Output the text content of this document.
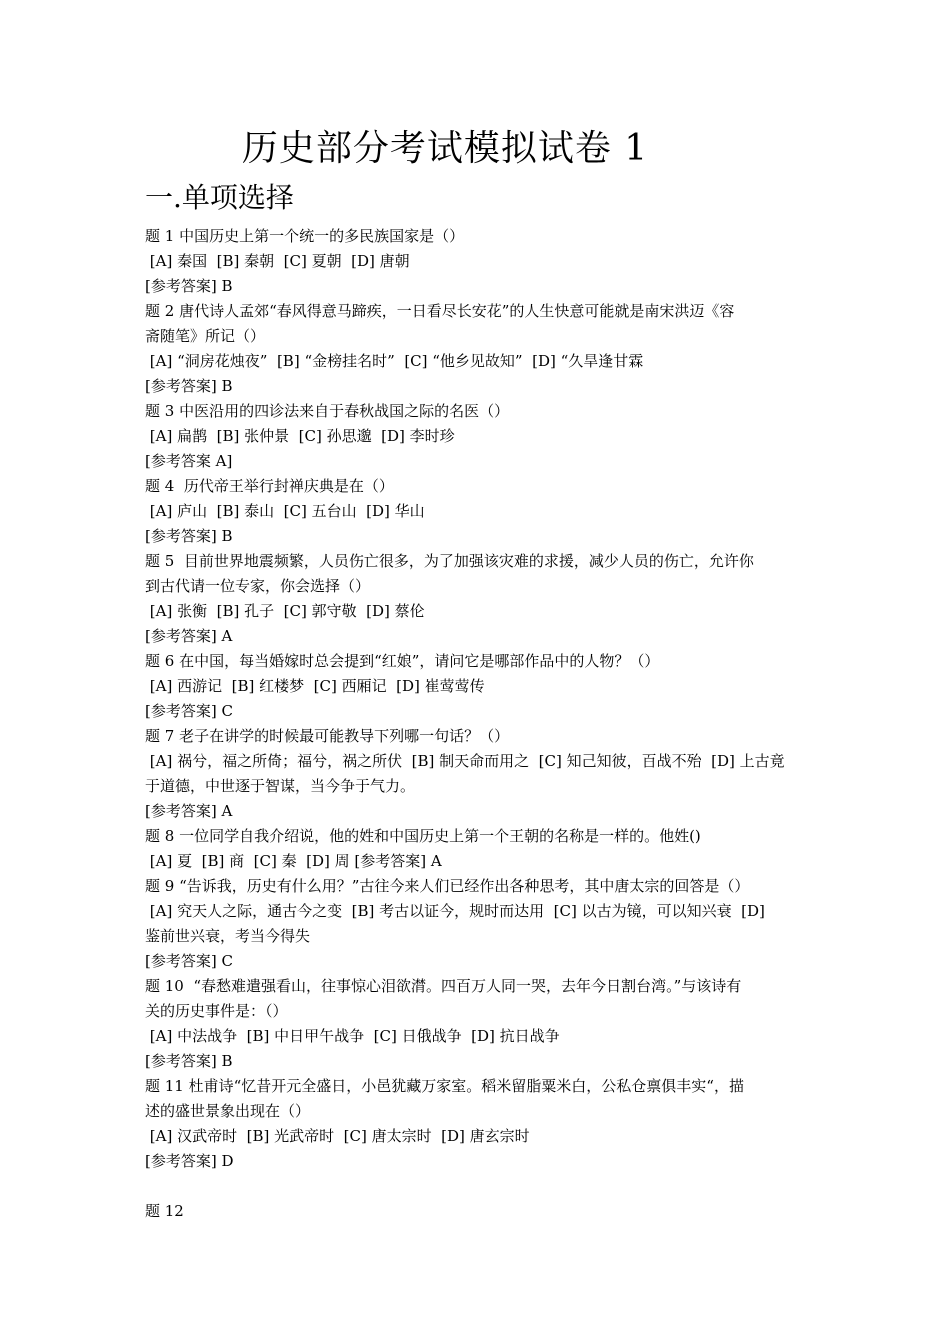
历史部分考试模拟试卷 1
一.单项选择
题 1 中国历史上第一个统一的多民族国家是（）
[A] 秦国  [B] 秦朝  [C] 夏朝  [D] 唐朝
[参考答案] B
题 2 唐代诗人孟郊“春风得意马蹄疾，一日看尽长安花”的人生快意可能就是南宋洪迈《容
斋随笔》所记（）
[A] “洞房花烛夜”  [B] “金榜挂名时”  [C] “他乡见故知”  [D] “久旱逢甘霖
[参考答案] B
题 3 中医沿用的四诊法来自于春秋战国之际的名医（）
[A] 扁鹊  [B] 张仲景  [C] 孙思邈  [D] 李时珍
[参考答案 A]
题 4  历代帝王举行封禅庆典是在（）
[A] 庐山  [B] 泰山  [C] 五台山  [D] 华山
[参考答案] B
题 5  目前世界地震频繁，人员伤亡很多，为了加强该灾难的求援，减少人员的伤亡，允许你
到古代请一位专家，你会选择（）
[A] 张衡  [B] 孔子  [C] 郭守敬  [D] 蔡伦
[参考答案] A
题 6 在中国，每当婚嫁时总会提到“红娘”，请问它是哪部作品中的人物？（）
[A] 西游记  [B] 红楼梦  [C] 西厢记  [D] 崔莺莺传
[参考答案] C
题 7 老子在讲学的时候最可能教导下列哪一句话？（）
[A] 祸兮，福之所倚；福兮，祸之所伏  [B] 制天命而用之  [C] 知己知彼，百战不殆  [D] 上古竟
于道德，中世逐于智谋，当今争于气力。
[参考答案] A
题 8 一位同学自我介绍说，他的姓和中国历史上第一个王朝的名称是一样的。他姓()
[A] 夏  [B] 商  [C] 秦  [D] 周 [参考答案] A
题 9 “告诉我，历史有什么用？”古往今来人们已经作出各种思考，其中唐太宗的回答是（）
[A] 究天人之际，通古今之变  [B] 考古以证今，规时而达用  [C] 以古为镜，可以知兴衰  [D]
鉴前世兴衰，考当今得失
[参考答案] C
题 10  “春愁难遣强看山，往事惊心泪欲潸。四百万人同一哭，去年今日割台湾。”与该诗有
关的历史事件是：（）
[A] 中法战争  [B] 中日甲午战争  [C] 日俄战争  [D] 抗日战争
[参考答案] B
题 11 杜甫诗“忆昔开元全盛日，小邑犹藏万家室。稻米留脂粟米白，公私仓禀俱丰实“，描
述的盛世景象出现在（）
[A] 汉武帝时  [B] 光武帝时  [C] 唐太宗时  [D] 唐玄宗时
[参考答案] D
题 12
